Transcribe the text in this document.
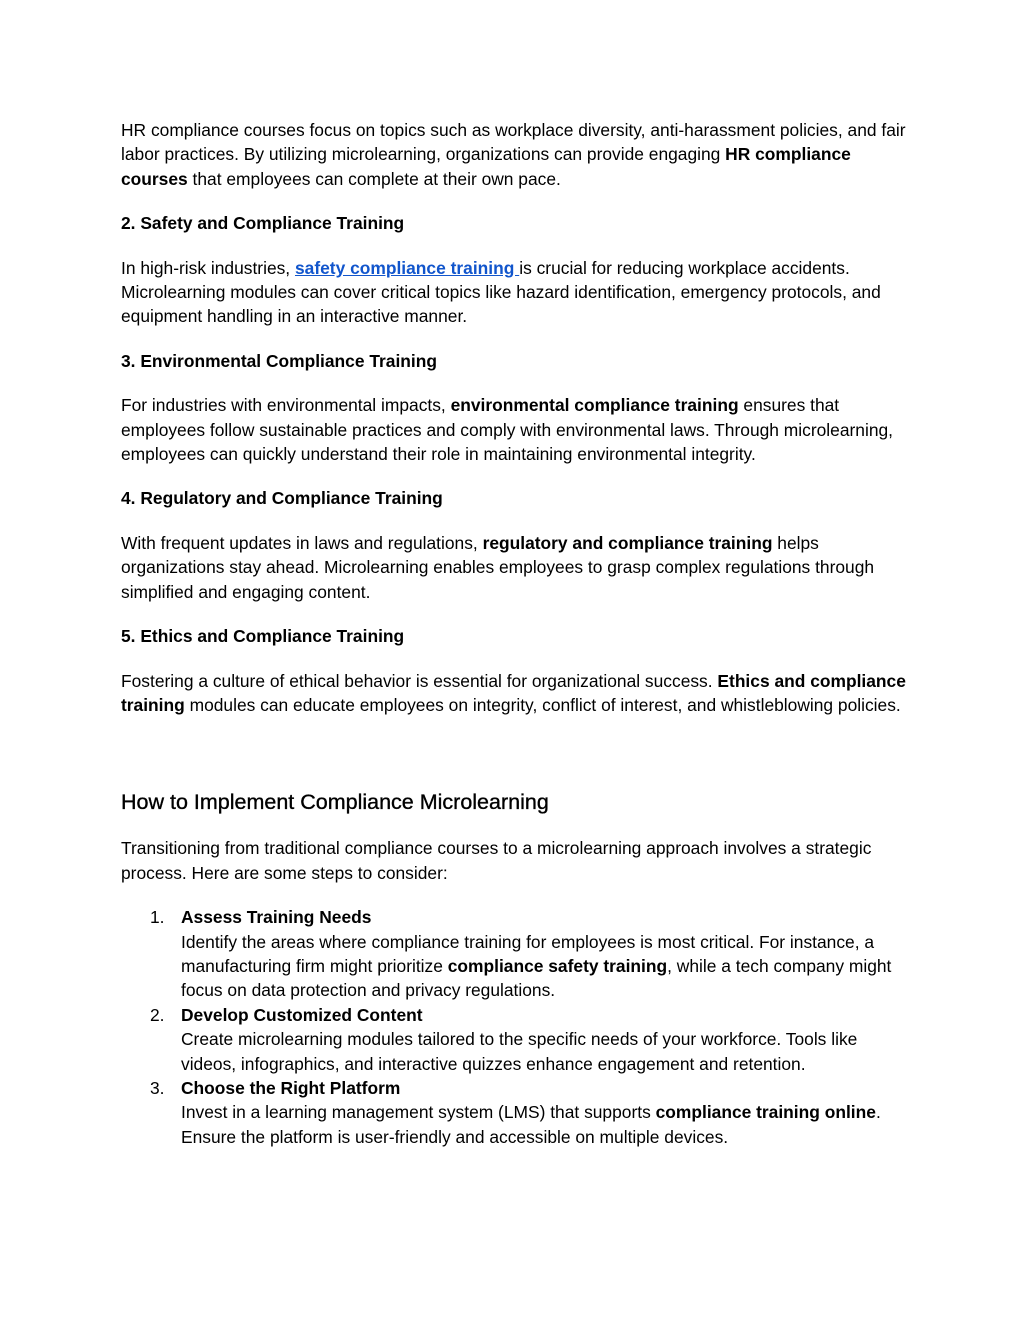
HR compliance courses focus on topics such as workplace diversity, anti-harassment policies, and fair labor practices. By utilizing microlearning, organizations can provide engaging HR compliance courses that employees can complete at their own pace.

2. Safety and Compliance Training

In high-risk industries, safety compliance training is crucial for reducing workplace accidents. Microlearning modules can cover critical topics like hazard identification, emergency protocols, and equipment handling in an interactive manner.

3. Environmental Compliance Training

For industries with environmental impacts, environmental compliance training ensures that employees follow sustainable practices and comply with environmental laws. Through microlearning, employees can quickly understand their role in maintaining environmental integrity.

4. Regulatory and Compliance Training

With frequent updates in laws and regulations, regulatory and compliance training helps organizations stay ahead. Microlearning enables employees to grasp complex regulations through simplified and engaging content.

5. Ethics and Compliance Training

Fostering a culture of ethical behavior is essential for organizational success. Ethics and compliance training modules can educate employees on integrity, conflict of interest, and whistleblowing policies.

How to Implement Compliance Microlearning

Transitioning from traditional compliance courses to a microlearning approach involves a strategic process. Here are some steps to consider:

1. Assess Training Needs
Identify the areas where compliance training for employees is most critical. For instance, a manufacturing firm might prioritize compliance safety training, while a tech company might focus on data protection and privacy regulations.
2. Develop Customized Content
Create microlearning modules tailored to the specific needs of your workforce. Tools like videos, infographics, and interactive quizzes enhance engagement and retention.
3. Choose the Right Platform
Invest in a learning management system (LMS) that supports compliance training online. Ensure the platform is user-friendly and accessible on multiple devices.
